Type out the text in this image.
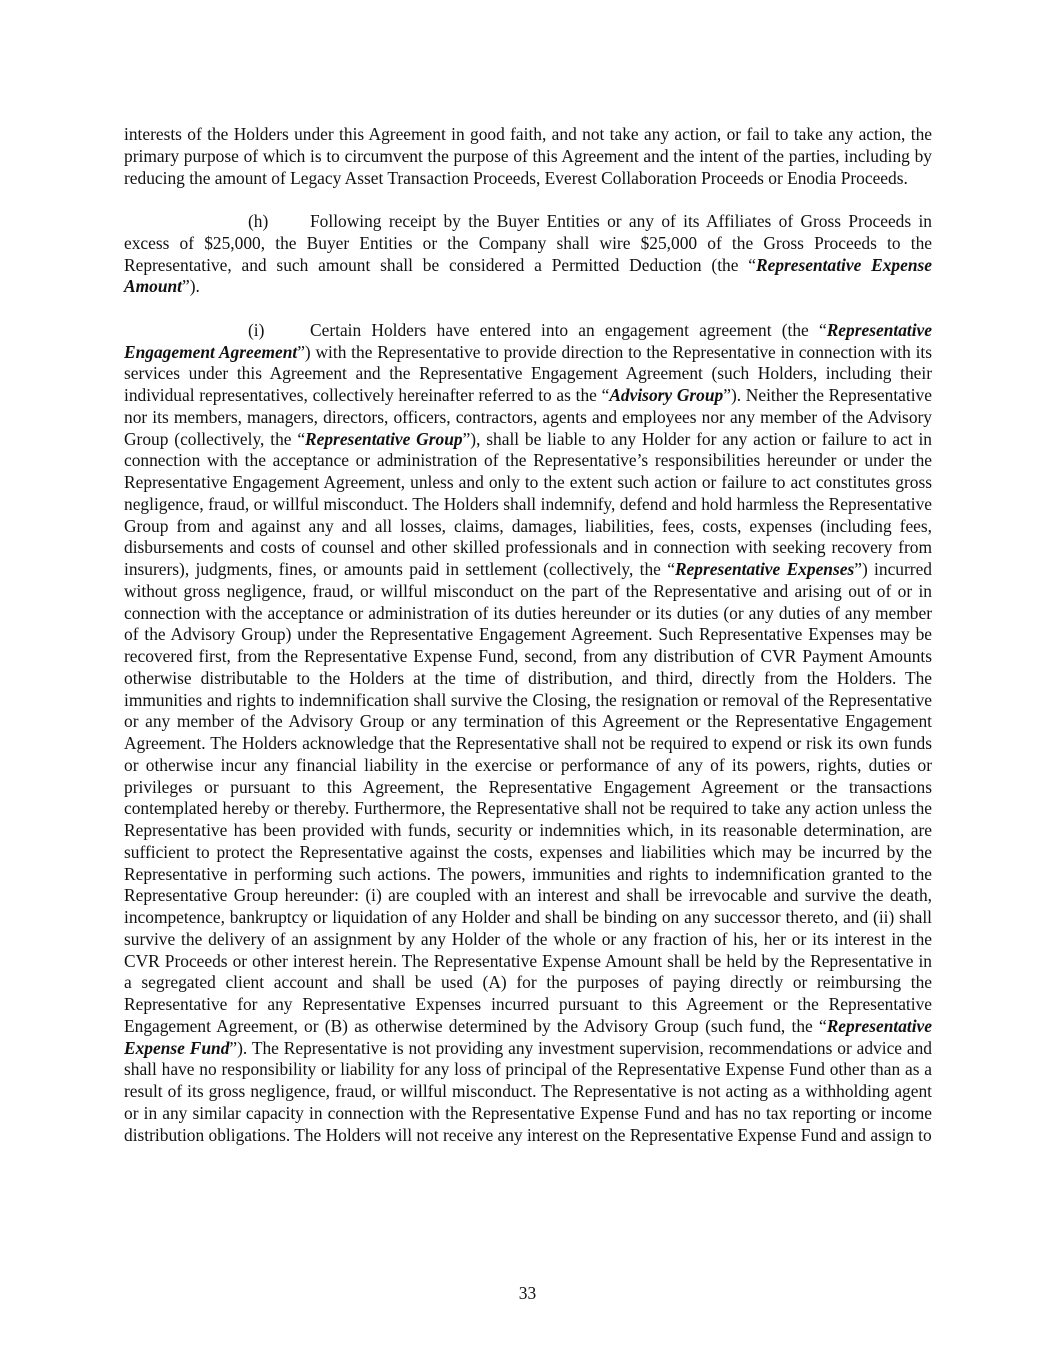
interests of the Holders under this Agreement in good faith, and not take any action, or fail to take any action, the primary purpose of which is to circumvent the purpose of this Agreement and the intent of the parties, including by reducing the amount of Legacy Asset Transaction Proceeds, Everest Collaboration Proceeds or Enodia Proceeds.

(h) Following receipt by the Buyer Entities or any of its Affiliates of Gross Proceeds in excess of $25,000, the Buyer Entities or the Company shall wire $25,000 of the Gross Proceeds to the Representative, and such amount shall be considered a Permitted Deduction (the “Representative Expense Amount”).

(i)	Certain Holders have entered into an engagement agreement (the “Representative Engagement Agreement”) with the Representative to provide direction to the Representative in connection with its services under this Agreement and the Representative Engagement Agreement (such Holders, including their individual representatives, collectively hereinafter referred to as the “Advisory Group”). Neither the Representative nor its members, managers, directors, officers, contractors, agents and employees nor any member of the Advisory Group (collectively, the “Representative Group”), shall be liable to any Holder for any action or failure to act in connection with the acceptance or administration of the Representative’s responsibilities hereunder or under the Representative Engagement Agreement, unless and only to the extent such action or failure to act constitutes gross negligence, fraud, or willful misconduct. The Holders shall indemnify, defend and hold harmless the Representative Group from and against any and all losses, claims, damages, liabilities, fees, costs, expenses (including fees, disbursements and costs of counsel and other skilled professionals and in connection with seeking recovery from insurers), judgments, fines, or amounts paid in settlement (collectively, the “Representative Expenses”) incurred without gross negligence, fraud, or willful misconduct on the part of the Representative and arising out of or in connection with the acceptance or administration of its duties hereunder or its duties (or any duties of any member of the Advisory Group) under the Representative Engagement Agreement. Such Representative Expenses may be recovered first, from the Representative Expense Fund, second, from any distribution of CVR Payment Amounts otherwise distributable to the Holders at the time of distribution, and third, directly from the Holders. The immunities and rights to indemnification shall survive the Closing, the resignation or removal of the Representative or any member of the Advisory Group or any termination of this Agreement or the Representative Engagement Agreement. The Holders acknowledge that the Representative shall not be required to expend or risk its own funds or otherwise incur any financial liability in the exercise or performance of any of its powers, rights, duties or privileges or pursuant to this Agreement, the Representative Engagement Agreement or the transactions contemplated hereby or thereby. Furthermore, the Representative shall not be required to take any action unless the Representative has been provided with funds, security or indemnities which, in its reasonable determination, are sufficient to protect the Representative against the costs, expenses and liabilities which may be incurred by the Representative in performing such actions. The powers, immunities and rights to indemnification granted to the Representative Group hereunder: (i) are coupled with an interest and shall be irrevocable and survive the death, incompetence, bankruptcy or liquidation of any Holder and shall be binding on any successor thereto, and (ii) shall survive the delivery of an assignment by any Holder of the whole or any fraction of his, her or its interest in the CVR Proceeds or other interest herein. The Representative Expense Amount shall be held by the Representative in a segregated client account and shall be used (A) for the purposes of paying directly or reimbursing the Representative for any Representative Expenses incurred pursuant to this Agreement or the Representative Engagement Agreement, or (B) as otherwise determined by the Advisory Group (such fund, the “Representative Expense Fund”). The Representative is not providing any investment supervision, recommendations or advice and shall have no responsibility or liability for any loss of principal of the Representative Expense Fund other than as a result of its gross negligence, fraud, or willful misconduct. The Representative is not acting as a withholding agent or in any similar capacity in connection with the Representative Expense Fund and has no tax reporting or income distribution obligations. The Holders will not receive any interest on the Representative Expense Fund and assign to

33
